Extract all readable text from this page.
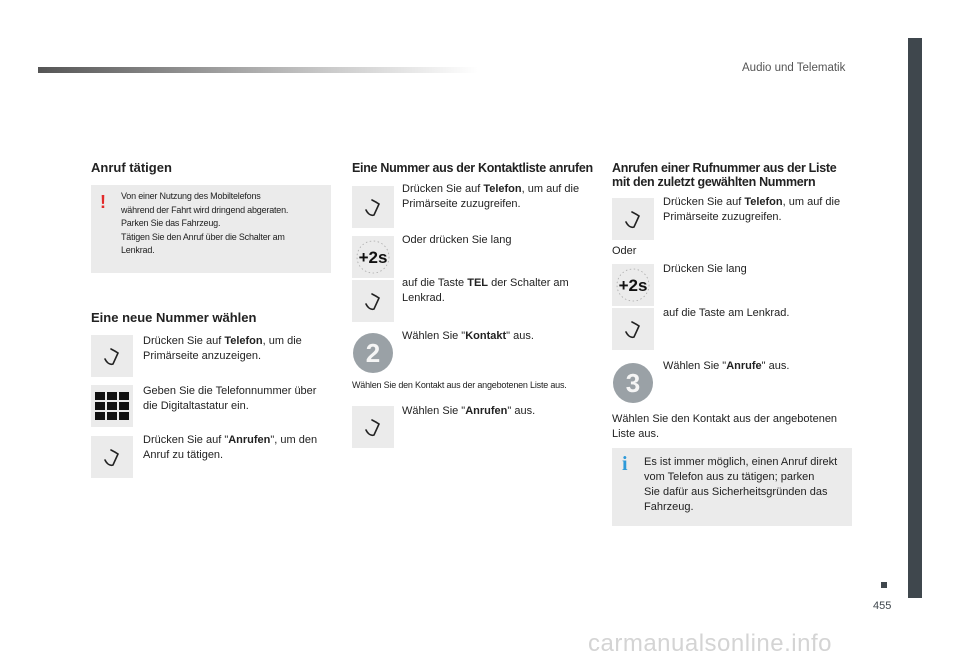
Audio und Telematik
455
Anruf tätigen
! Von einer Nutzung des Mobiltelefons
während der Fahrt wird dringend abgeraten.
Parken Sie das Fahrzeug.
Tätigen Sie den Anruf über die Schalter am
Lenkrad.
Eine neue Nummer wählen
Drücken Sie auf Telefon, um die
Primärseite anzuzeigen.
Geben Sie die Telefonnummer über
die Digitaltastatur ein.
Drücken Sie auf "Anrufen", um den
Anruf zu tätigen.
Eine Nummer aus der Kontaktliste anrufen
Drücken Sie auf Telefon, um auf die
Primärseite zuzugreifen.
+2s
Oder drücken Sie lang
auf die Taste TEL der Schalter am
Lenkrad.
2
Wählen Sie "Kontakt" aus.
Wählen Sie den Kontakt aus der angebotenen Liste aus.
Wählen Sie "Anrufen" aus.
Anrufen einer Rufnummer aus der Liste
mit den zuletzt gewählten Nummern
Drücken Sie auf Telefon, um auf die
Primärseite zuzugreifen.
Oder
+2s
Drücken Sie lang
auf die Taste am Lenkrad.
3
Wählen Sie "Anrufe" aus.
Wählen Sie den Kontakt aus der angebotenen
Liste aus.
i Es ist immer möglich, einen Anruf direkt
vom Telefon aus zu tätigen; parken
Sie dafür aus Sicherheitsgründen das
Fahrzeug.
carmanualsonline.info
